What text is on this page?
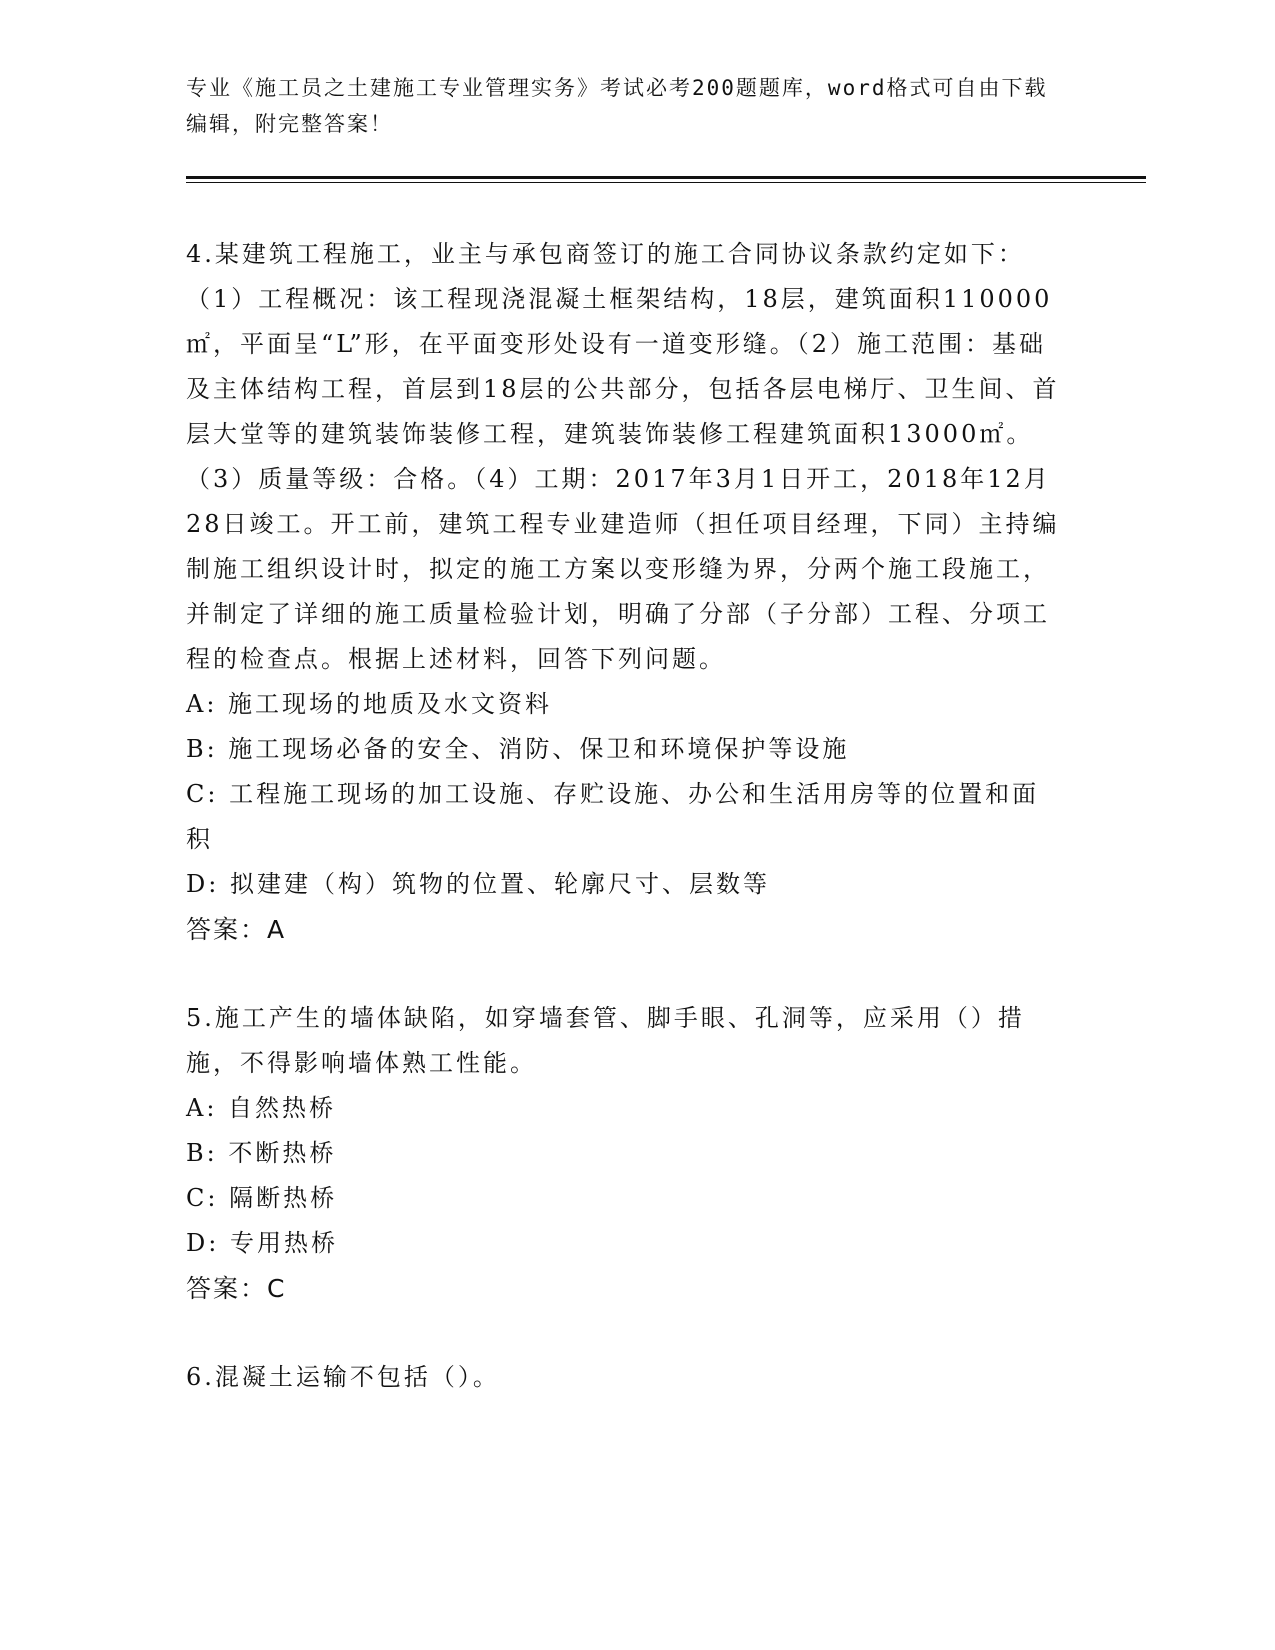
专业《施工员之土建施工专业管理实务》考试必考200题题库，word格式可自由下载编辑，附完整答案！

4.某建筑工程施工，业主与承包商签订的施工合同协议条款约定如下：（1）工程概况：该工程现浇混凝土框架结构，18层，建筑面积110000㎡，平面呈“L”形，在平面变形处设有一道变形缝。（2）施工范围：基础及主体结构工程，首层到18层的公共部分，包括各层电梯厅、卫生间、首层大堂等的建筑装饰装修工程，建筑装饰装修工程建筑面积13000㎡。（3）质量等级：合格。（4）工期：2017年3月1日开工，2018年12月28日竣工。开工前，建筑工程专业建造师（担任项目经理，下同）主持编制施工组织设计时，拟定的施工方案以变形缝为界，分两个施工段施工，并制定了详细的施工质量检验计划，明确了分部（子分部）工程、分项工程的检查点。根据上述材料，回答下列问题。

A: 施工现场的地质及水文资料

B: 施工现场必备的安全、消防、保卫和环境保护等设施

C: 工程施工现场的加工设施、存贮设施、办公和生活用房等的位置和面积

D: 拟建建（构）筑物的位置、轮廓尺寸、层数等

答案：A

5.施工产生的墙体缺陷，如穿墙套管、脚手眼、孔洞等，应采用（）措施，不得影响墙体熟工性能。

A: 自然热桥

B: 不断热桥

C: 隔断热桥

D: 专用热桥

答案：C

6.混凝土运输不包括（）。
